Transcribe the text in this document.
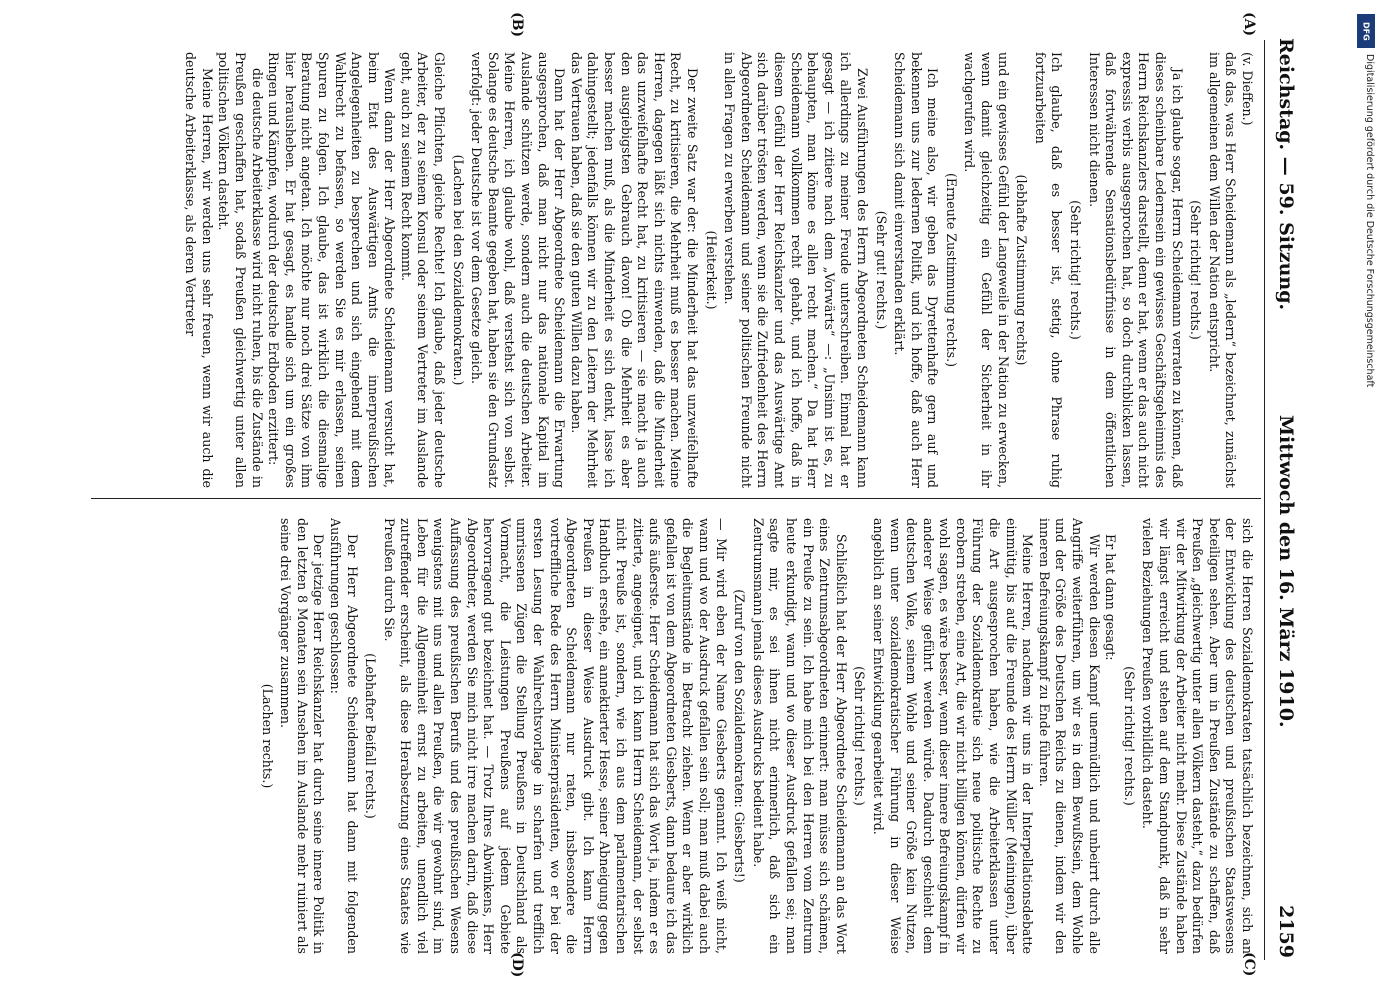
Reichstag. — 59. Sitzung.
Mittwoch den 16. März 1910.
2159
(A)
(B)
(C)
(D)

(v. Dieffen.)

daß das, was Herr Scheidemann als „ledern“ bezeichnet, zunächst im allgemeinen dem Willen der Nation entspricht.

(Sehr richtig! rechts.)

Ja ich glaube sogar, Herrn Scheidemann verraten zu können, daß dieses scheinbare Ledernsein ein gewisses Geschäftsgeheimnis des Herrn Reichskanzlers darstellt, denn er hat, wenn er das auch nicht expressis verbis ausgesprochen hat, so doch durchblicken lassen, daß fortwährende Sensationsbedürfnisse in dem öffentlichen Interessen nicht dienen.

(Sehr richtig! rechts.)

Ich glaube, daß es besser ist, stetig, ohne Phrase ruhig fortzuarbeiten

(lebhafte Zustimmung rechts)

und ein gewisses Gefühl der Langeweile in der Nation zu erwecken, wenn damit gleichzeitig ein Gefühl der Sicherheit in ihr wachgerufen wird.

(Erneute Zustimmung rechts.)

Ich meine also, wir geben das Dyrettenhafte gern auf und bekennen uns zur ledernen Politik, und ich hoffe, daß auch Herr Scheidemann sich damit einverstanden erklärt.

(Sehr gut! rechts.)

Zwei Ausführungen des Herrn Abgeordneten Scheidemann kann ich allerdings zu meiner Freude unterschreiben. Einmal hat er gesagt — ich zitiere nach dem „Vorwärts“ —: „Unsinn ist es, zu behaupten, man könne es allen recht machen.“ Da hat Herr Scheidemann vollkommen recht gehabt, und ich hoffe, daß in diesem Gefühl der Herr Reichskanzler und das Auswärtige Amt sich darüber trösten werden, wenn sie die Zufriedenheit des Herrn Abgeordneten Scheidemann und seiner politischen Freunde nicht in allen Fragen zu erwerben verstehen.

(Heiterkeit.)

Der zweite Satz war der: die Minderheit hat das unzweifelhafte Recht, zu kritisieren, die Mehrheit muß es besser machen. Meine Herren, dagegen läßt sich nichts einwenden, daß die Minderheit das unzweifelhafte Recht hat, zu kritisieren — sie macht ja auch den ausgiebigsten Gebrauch davon! Ob die Mehrheit es aber besser machen muß, als die Minderheit es sich denkt, lasse ich dahingestellt; jedenfalls können wir zu den Leitern der Mehrheit das Vertrauen haben, daß sie den guten Willen dazu haben.

Dann hat der Herr Abgeordnete Scheidemann die Erwartung ausgesprochen, daß man nicht nur das nationale Kapital im Auslande schützen werde, sondern auch die deutschen Arbeiter. Meine Herren, ich glaube wohl, daß verstehst sich von selbst. Solange es deutsche Beamte gegeben hat, haben sie den Grundsatz verfolgt: jeder Deutsche ist vor dem Gesetze gleich.

(Lachen bei den Sozialdemokraten.)

Gleiche Pflichten, gleiche Rechte! Ich glaube, daß jeder deutsche Arbeiter, der zu seinem Konsul oder seinem Vertreter im Auslande geht, auch zu seinem Recht kommt.

Wenn dann der Herr Abgeordnete Scheidemann versucht hat, beim Etat des Auswärtigen Amts die innerpreußischen Angelegenheiten zu besprechen und sich eingehend mit dem Wahlrecht zu befassen, so werden Sie es mir erlassen, seinen Spuren zu folgen. Ich glaube, das ist wirklich die diesmalige Beratung nicht angetan. Ich möchte nur noch drei Sätze von ihm hier herausheben. Er hat gesagt, es handle sich um ein großes Ringen und Kämpfen, wodurch der deutsche Erdboden erzittert:

die deutsche Arbeiterklasse wird nicht ruhen, bis die Zustände in Preußen geschaffen hat, sodaß Preußen gleichwertig unter allen politischen Völkern dasteht.

Meine Herren, wir werden uns sehr freuen, wenn wir auch die deutsche Arbeiterklasse, als deren Vertreter

sich die Herren Sozialdemokraten tatsächlich bezeichnen, sich an der Entwicklung des deutschen und preußischen Staatswesens beteiligen sehen. Aber um in Preußen Zustände zu schaffen, daß Preußen „gleichwertig unter allen Völkern dasteht,“ dazu bedürfen wir der Mitwirkung der Arbeiter nicht mehr. Diese Zustände haben wir längst erreicht und stehen auf dem Standpunkt, daß in sehr vielen Beziehungen Preußen vorbildlich dasteht.

(Sehr richtig! rechts.)

Er hat dann gesagt:

Wir werden diesen Kampf unermüdlich und unbeirrt durch alle Angriffe weiterführen, um wir es in dem Bewußtsein, dem Wohle und der Größe des Deutschen Reichs zu dienen, indem wir den inneren Befreiungskampf zu Ende führen.

Meine Herren, nachdem wir uns in der Interpellationsdebatte einmütig, bis auf die Freunde des Herrn Müller (Meiningen), über die Art ausgesprochen haben, wie die Arbeiterklassen unter Führung der Sozialdemokratie sich neue politische Rechte zu erobern streben, eine Art, die wir nicht billigen können, dürfen wir wohl sagen, es wäre besser, wenn dieser innere Befreiungskampf in anderer Weise geführt werden würde. Dadurch geschieht dem deutschen Volke, seinem Wohle und seiner Größe kein Nutzen, wenn unter sozialdemokratischer Führung in dieser Weise angeblich an seiner Entwicklung gearbeitet wird.

(Sehr richtig! rechts.)

Schließlich hat der Herr Abgeordnete Scheidemann an das Wort eines Zentrumsabgeordneten erinnert: man müsse sich schämen, ein Preuße zu sein. Ich habe mich bei den Herren vom Zentrum heute erkundigt, wann und wo dieser Ausdruck gefallen sei; man sagte mir, es sei ihnen nicht erinnerlich, daß sich ein Zentrumsmann jemals dieses Ausdrucks bedient habe.

(Zuruf von den Sozialdemokraten: Giesberts!)

— Mir wird eben der Name Giesberts genannt. Ich weiß nicht, wann und wo der Ausdruck gefallen sein soll; man muß dabei auch die Begleitumstände in Betracht ziehen. Wenn er aber wirklich gefallen ist von dem Abgeordneten Giesberts, dann bedaure ich das aufs äußerste. Herr Scheidemann hat sich das Wort ja, indem er es zitierte, angeeignet, und ich kann Herrn Scheidemann, der selbst nicht Preuße ist, sondern, wie ich aus dem parlamentarischen Handbuch ersehe, ein annektierter Hesse, seiner Abneigung gegen Preußen in dieser Weise Ausdruck gibt. Ich kann Herrn Abgeordneten Scheidemann nur raten, insbesondere die vortreffliche Rede des Herrn Ministerpräsidenten, wo er bei der ersten Lesung der Wahlrechtsvorlage in scharfen und trefflich umrissenen Zügen die Stellung Preußens in Deutschland als Vormacht, die Leistungen Preußens auf jedem Gebiete hervorragend gut bezeichnet hat. — Trotz Ihres Abwinkens, Herr Abgeordneter, werden Sie mich nicht irre machen darin, daß diese Auffassung des preußischen Berufs und des preußischen Wesens wenigstens mit uns und allen Preußen, die wir gewohnt sind, im Leben für die Allgemeinheit ernst zu arbeiten, unendlich viel zutreffender erscheint, als diese Herabsetzung eines Staates wie Preußen durch Sie.

(Lebhafter Beifall rechts.)

Der Herr Abgeordnete Scheidemann hat dann mit folgenden Ausführungen geschlossen:

Der jetzige Herr Reichskanzler hat durch seine innere Politik in den letzten 8 Monaten sein Ansehen im Auslande mehr ruiniert als seine drei Vorgänger zusammen.

(Lachen rechts.)

DFG
Digitalisierung gefördert durch die Deutsche Forschungsgemeinschaft
